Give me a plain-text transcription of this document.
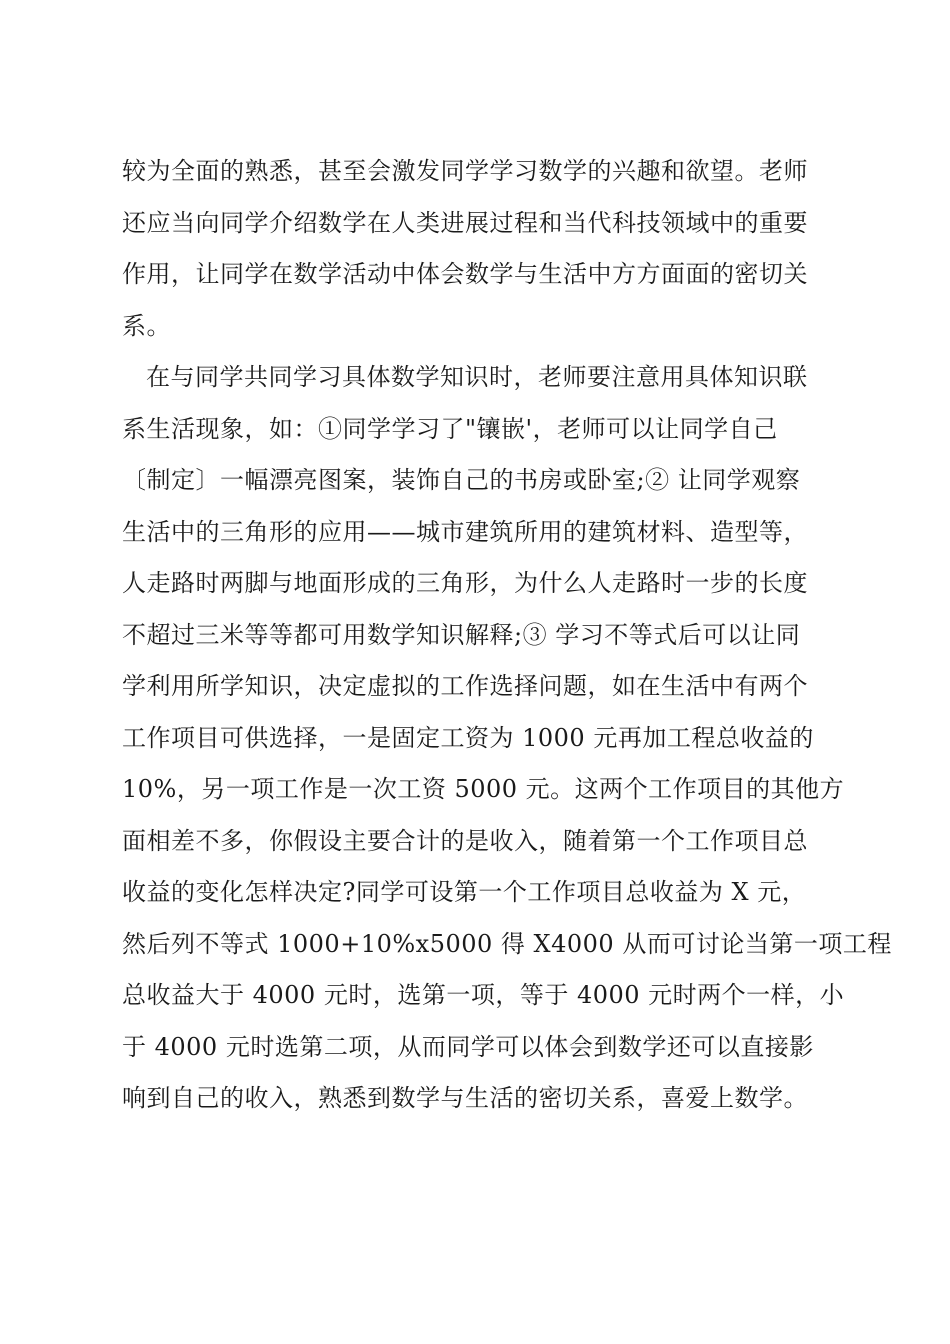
较为全面的熟悉，甚至会激发同学学习数学的兴趣和欲望。老师
还应当向同学介绍数学在人类进展过程和当代科技领域中的重要
作用，让同学在数学活动中体会数学与生活中方方面面的密切关
系。
在与同学共同学习具体数学知识时，老师要注意用具体知识联
系生活现象，如：①同学学习了"镶嵌'，老师可以让同学自己
〔制定〕一幅漂亮图案，装饰自己的书房或卧室;② 让同学观察
生活中的三角形的应用——城市建筑所用的建筑材料、造型等，
人走路时两脚与地面形成的三角形，为什么人走路时一步的长度
不超过三米等等都可用数学知识解释;③ 学习不等式后可以让同
学利用所学知识，决定虚拟的工作选择问题，如在生活中有两个
工作项目可供选择，一是固定工资为 1000 元再加工程总收益的
10%，另一项工作是一次工资 5000 元。这两个工作项目的其他方
面相差不多，你假设主要合计的是收入，随着第一个工作项目总
收益的变化怎样决定?同学可设第一个工作项目总收益为 X 元，
然后列不等式 1000+10%x5000 得 X4000 从而可讨论当第一项工程
总收益大于 4000 元时，选第一项，等于 4000 元时两个一样，小
于 4000 元时选第二项，从而同学可以体会到数学还可以直接影
响到自己的收入，熟悉到数学与生活的密切关系，喜爱上数学。
